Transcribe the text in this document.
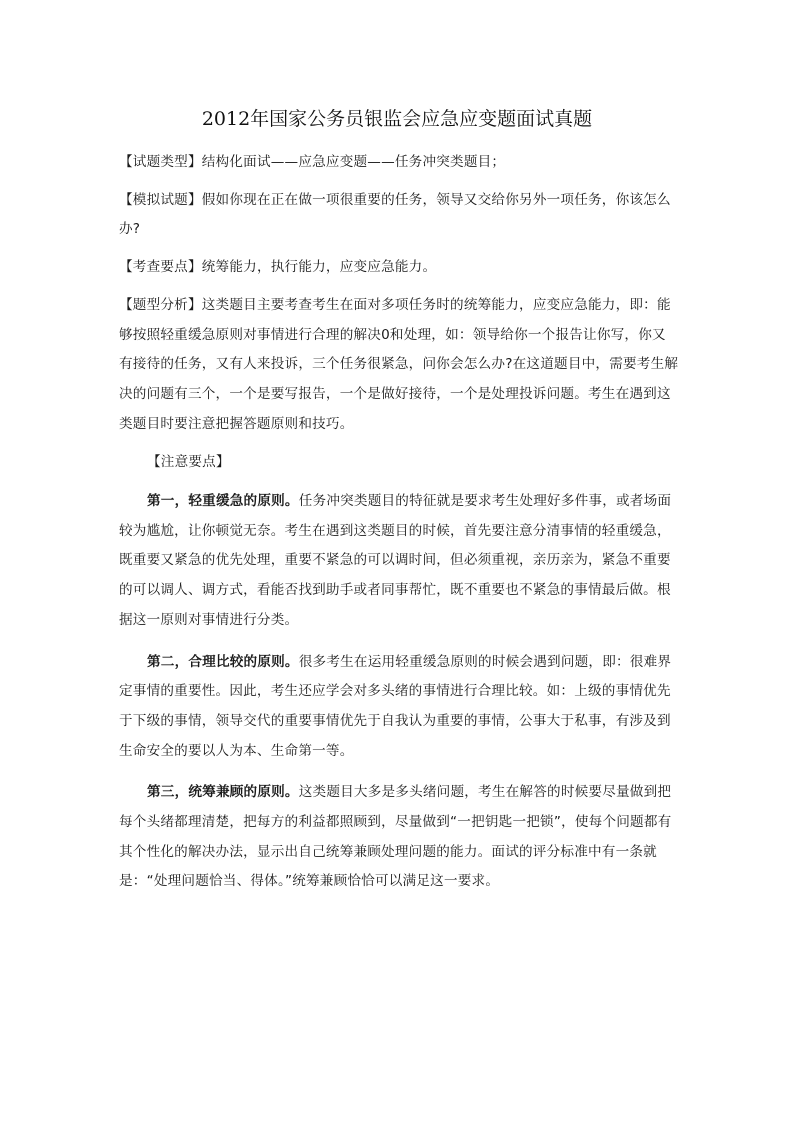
2012年国家公务员银监会应急应变题面试真题

【试题类型】结构化面试——应急应变题——任务冲突类题目；

【模拟试题】假如你现在正在做一项很重要的任务，领导又交给你另外一项任务，你该怎么办?

【考查要点】统筹能力，执行能力，应变应急能力。

【题型分析】这类题目主要考查考生在面对多项任务时的统筹能力，应变应急能力，即：能够按照轻重缓急原则对事情进行合理的解决0和处理，如：领导给你一个报告让你写，你又有接待的任务，又有人来投诉，三个任务很紧急，问你会怎么办?在这道题目中，需要考生解决的问题有三个，一个是要写报告，一个是做好接待，一个是处理投诉问题。考生在遇到这类题目时要注意把握答题原则和技巧。

【注意要点】

第一，轻重缓急的原则。任务冲突类题目的特征就是要求考生处理好多件事，或者场面较为尴尬，让你顿觉无奈。考生在遇到这类题目的时候，首先要注意分清事情的轻重缓急，既重要又紧急的优先处理，重要不紧急的可以调时间，但必须重视，亲历亲为，紧急不重要的可以调人、调方式，看能否找到助手或者同事帮忙，既不重要也不紧急的事情最后做。根据这一原则对事情进行分类。

第二，合理比较的原则。很多考生在运用轻重缓急原则的时候会遇到问题，即：很难界定事情的重要性。因此，考生还应学会对多头绪的事情进行合理比较。如：上级的事情优先于下级的事情，领导交代的重要事情优先于自我认为重要的事情，公事大于私事，有涉及到生命安全的要以人为本、生命第一等。

第三，统筹兼顾的原则。这类题目大多是多头绪问题，考生在解答的时候要尽量做到把每个头绪都理清楚，把每方的利益都照顾到，尽量做到“一把钥匙一把锁”，使每个问题都有其个性化的解决办法，显示出自己统筹兼顾处理问题的能力。面试的评分标准中有一条就是：“处理问题恰当、得体。”统筹兼顾恰恰可以满足这一要求。
